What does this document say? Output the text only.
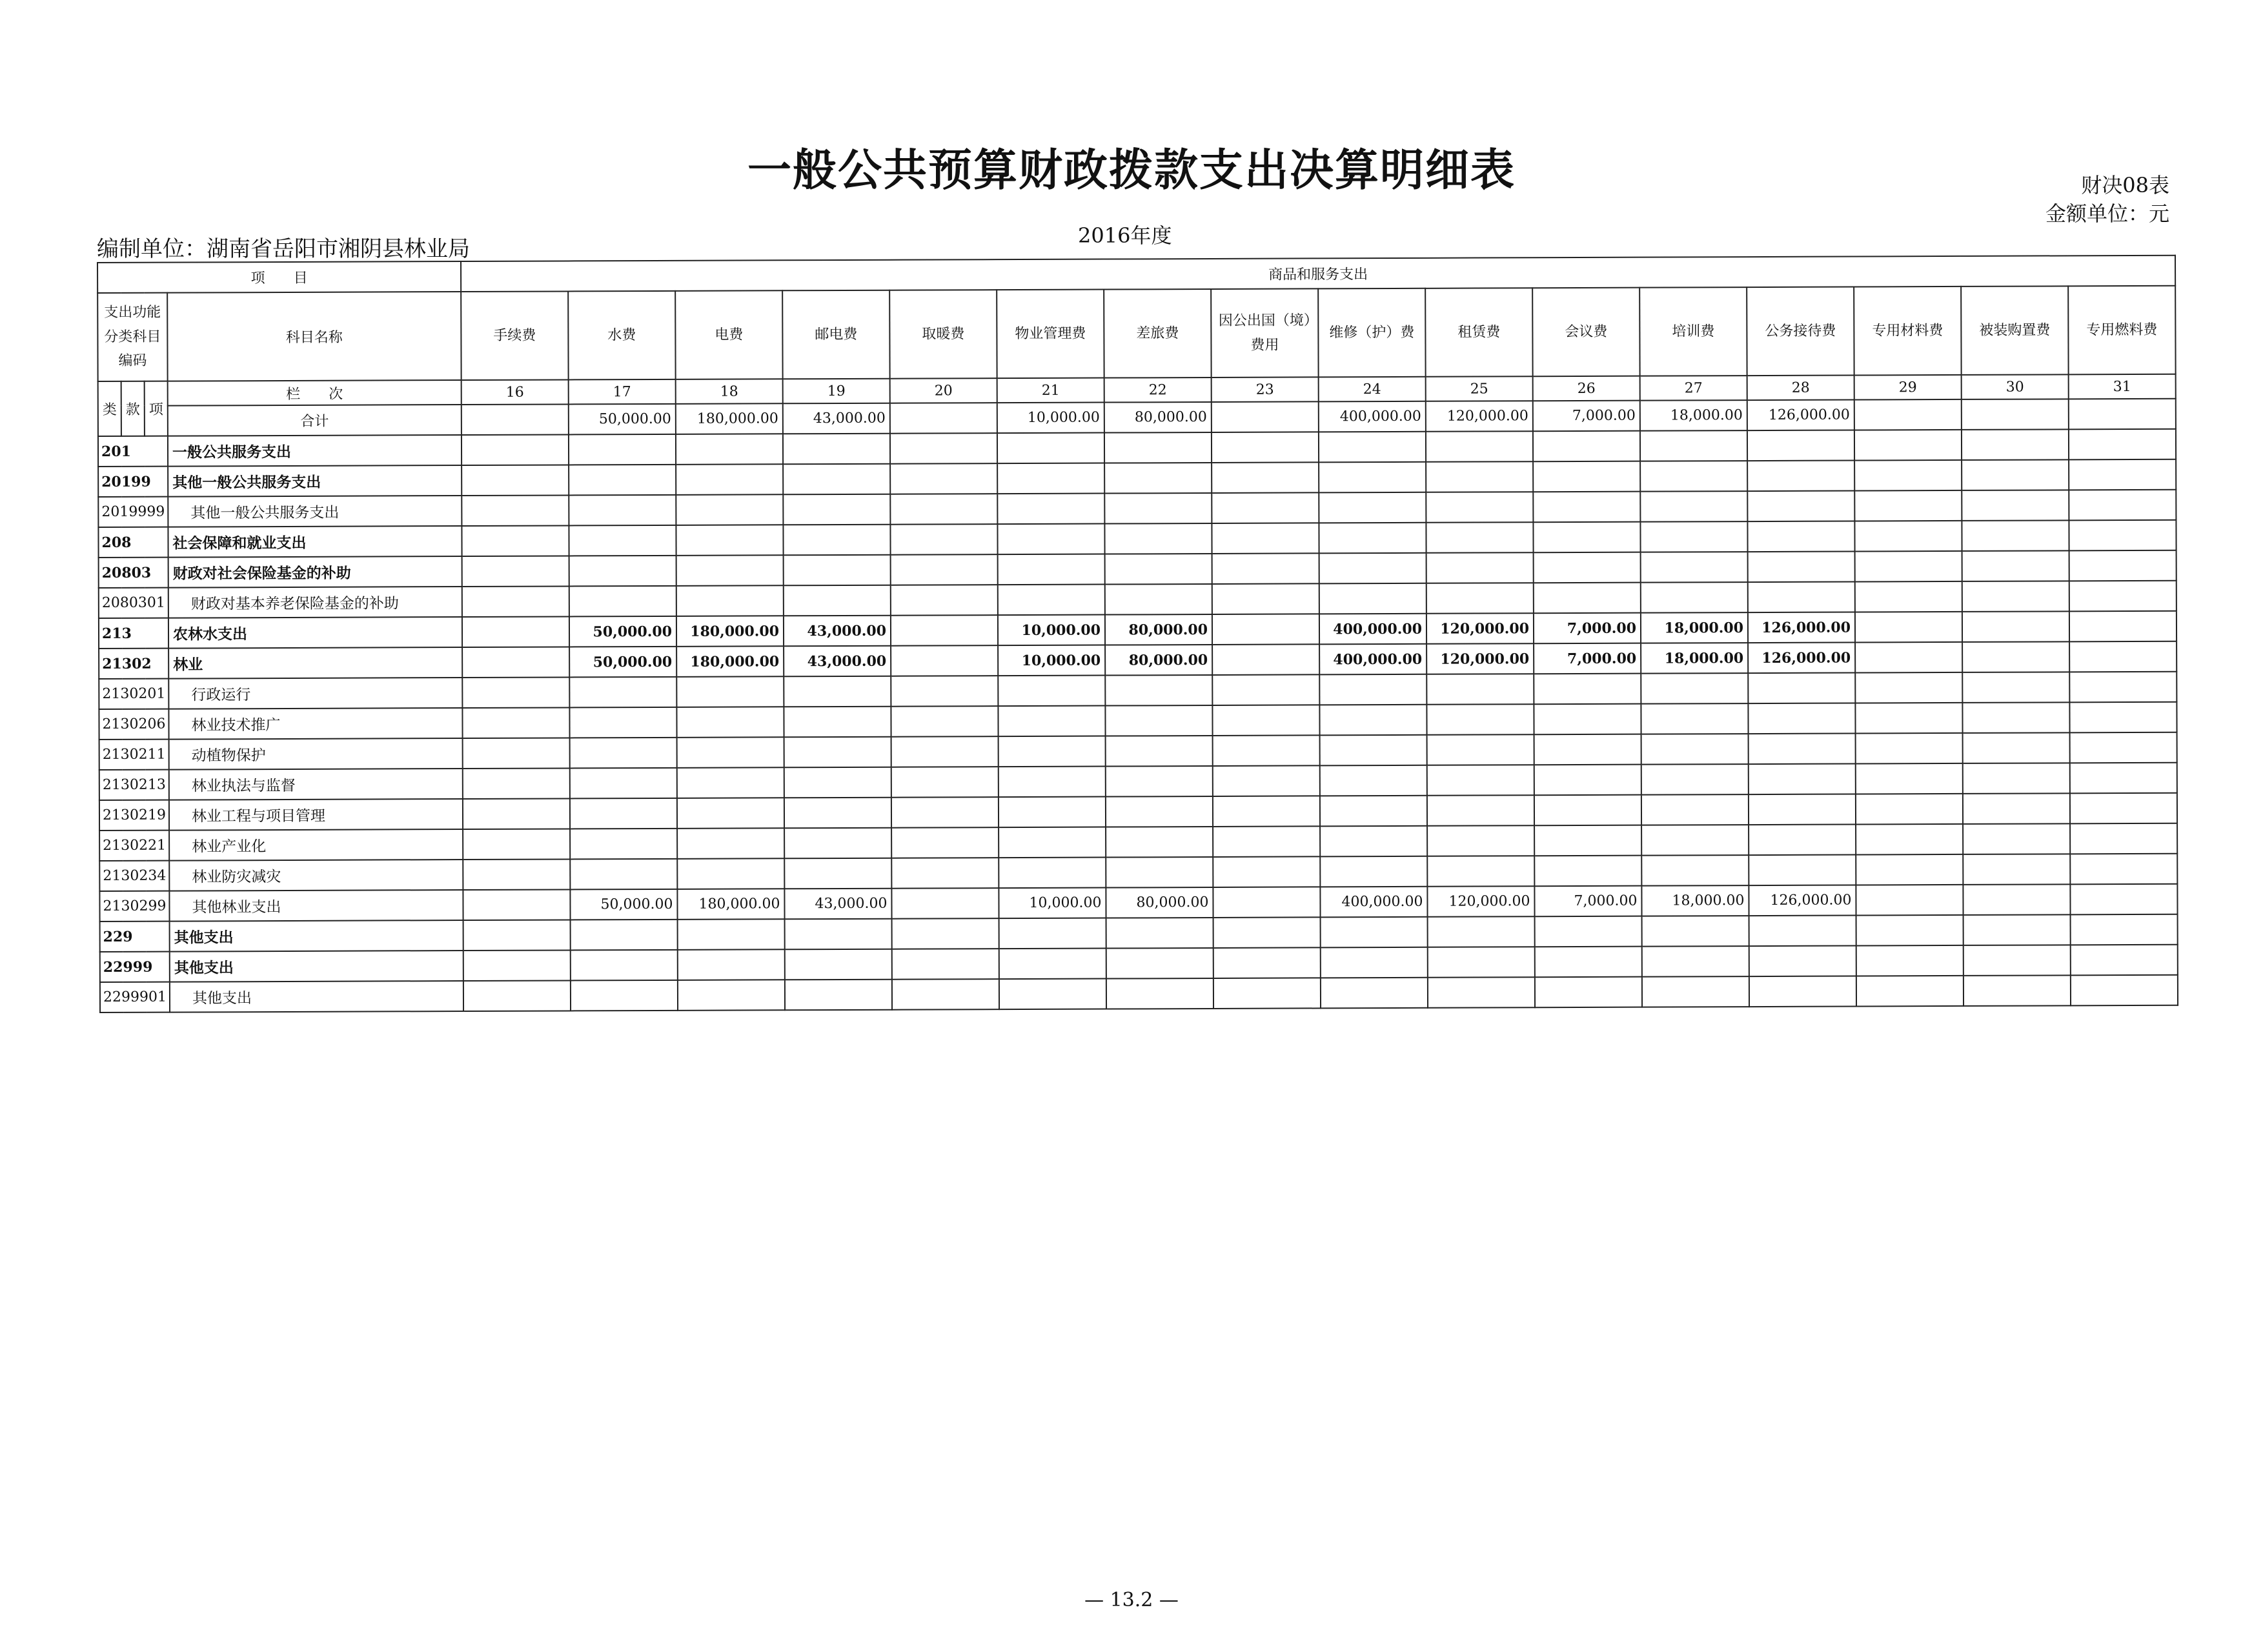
一般公共预算财政拨款支出决算明细表	财决08表
金额单位：元
编制单位：湖南省岳阳市湘阴县林业局
2016年度
项　　目				商品和服务支出															
支出功能分类科目编码			科目名称	手续费	水费	电费	邮电费	取暖费	物业管理费	差旅费	因公出国（境）费用	维修（护）费	租赁费	会议费	培训费	公务接待费	专用材料费	被装购置费	专用燃料费
类	款	项	栏　　次	16	17	18	19	20	21	22	23	24	25	26	27	28	29	30	31
			合计		50,000.00	180,000.00	43,000.00		10,000.00	80,000.00		400,000.00	120,000.00	7,000.00	18,000.00	126,000.00			
201			一般公共服务支出																
20199			其他一般公共服务支出																
2019999			其他一般公共服务支出																
208			社会保障和就业支出																
20803			财政对社会保险基金的补助																
2080301			财政对基本养老保险基金的补助																
213			农林水支出		50,000.00	180,000.00	43,000.00		10,000.00	80,000.00		400,000.00	120,000.00	7,000.00	18,000.00	126,000.00			
21302			林业		50,000.00	180,000.00	43,000.00		10,000.00	80,000.00		400,000.00	120,000.00	7,000.00	18,000.00	126,000.00			
2130201			行政运行																
2130206			林业技术推广																
2130211			动植物保护																
2130213			林业执法与监督																
2130219			林业工程与项目管理																
2130221			林业产业化																
2130234			林业防灾减灾																
2130299			其他林业支出		50,000.00	180,000.00	43,000.00		10,000.00	80,000.00		400,000.00	120,000.00	7,000.00	18,000.00	126,000.00			
229			其他支出																
22999			其他支出																
2299901			其他支出																
— 13.2 —
